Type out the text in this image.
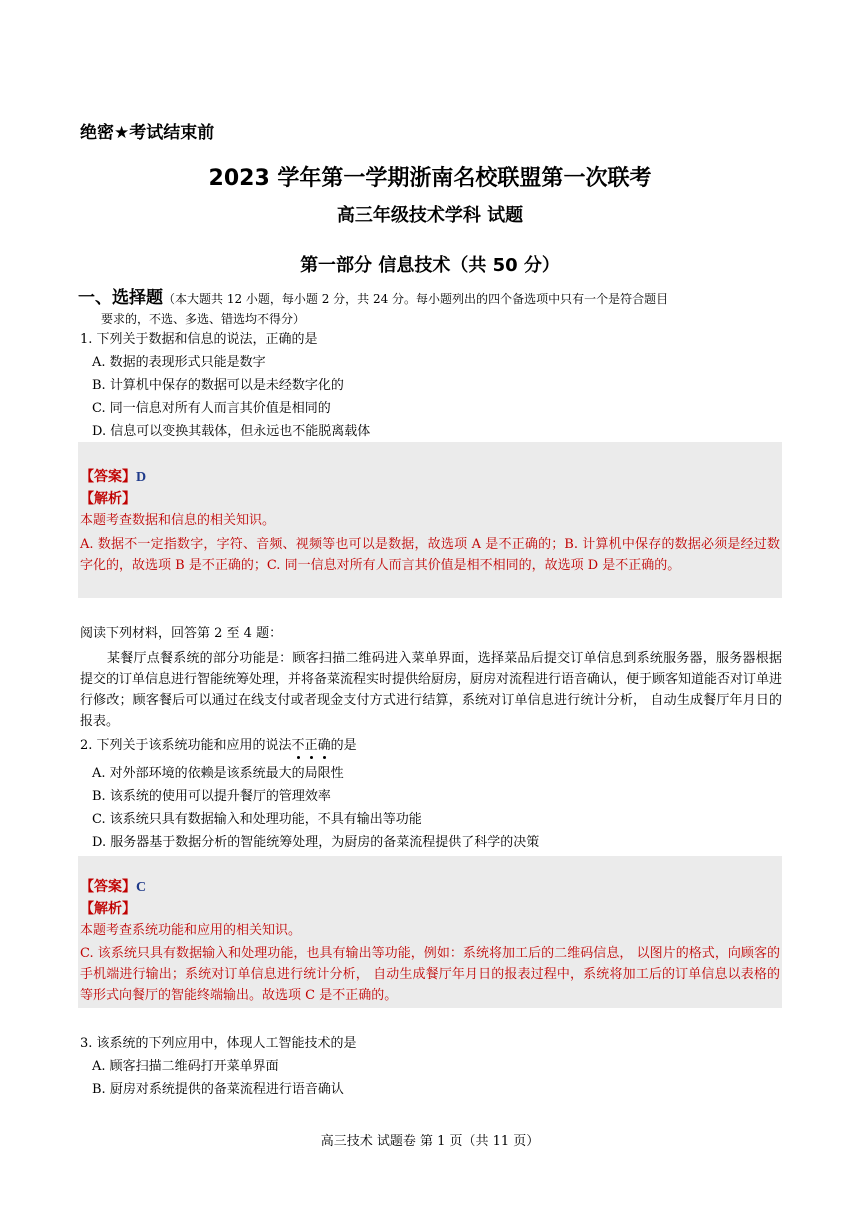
绝密★考试结束前
2023 学年第一学期浙南名校联盟第一次联考
高三年级技术学科 试题
第一部分 信息技术（共 50 分）
一、选择题（本大题共 12 小题，每小题 2 分，共 24 分。每小题列出的四个备选项中只有一个是符合题目
要求的，不选、多选、错选均不得分）
1. 下列关于数据和信息的说法，正确的是
A. 数据的表现形式只能是数字
B. 计算机中保存的数据可以是未经数字化的
C. 同一信息对所有人而言其价值是相同的
D. 信息可以变换其载体，但永远也不能脱离载体
【答案】D
【解析】
本题考查数据和信息的相关知识。
A. 数据不一定指数字，字符、音频、视频等也可以是数据，故选项 A 是不正确的；B. 计算机中保存的数据必须是经过数字化的，故选项 B 是不正确的；C. 同一信息对所有人而言其价值是相不相同的，故选项 D 是不正确的。
阅读下列材料，回答第 2 至 4 题：
某餐厅点餐系统的部分功能是：顾客扫描二维码进入菜单界面，选择菜品后提交订单信息到系统服务器，服务器根据提交的订单信息进行智能统筹处理，并将备菜流程实时提供给厨房，厨房对流程进行语音确认，便于顾客知道能否对订单进行修改；顾客餐后可以通过在线支付或者现金支付方式进行结算，系统对订单信息进行统计分析， 自动生成餐厅年月日的报表。
2. 下列关于该系统功能和应用的说法不正确的是
A. 对外部环境的依赖是该系统最大的局限性
B. 该系统的使用可以提升餐厅的管理效率
C. 该系统只具有数据输入和处理功能，不具有输出等功能
D. 服务器基于数据分析的智能统筹处理，为厨房的备菜流程提供了科学的决策
【答案】C
【解析】
本题考查系统功能和应用的相关知识。
C. 该系统只具有数据输入和处理功能，也具有输出等功能，例如：系统将加工后的二维码信息， 以图片的格式，向顾客的手机端进行输出；系统对订单信息进行统计分析， 自动生成餐厅年月日的报表过程中，系统将加工后的订单信息以表格的等形式向餐厅的智能终端输出。故选项 C 是不正确的。
3. 该系统的下列应用中，体现人工智能技术的是
A. 顾客扫描二维码打开菜单界面
B. 厨房对系统提供的备菜流程进行语音确认
高三技术 试题卷 第 1 页（共 11 页）
